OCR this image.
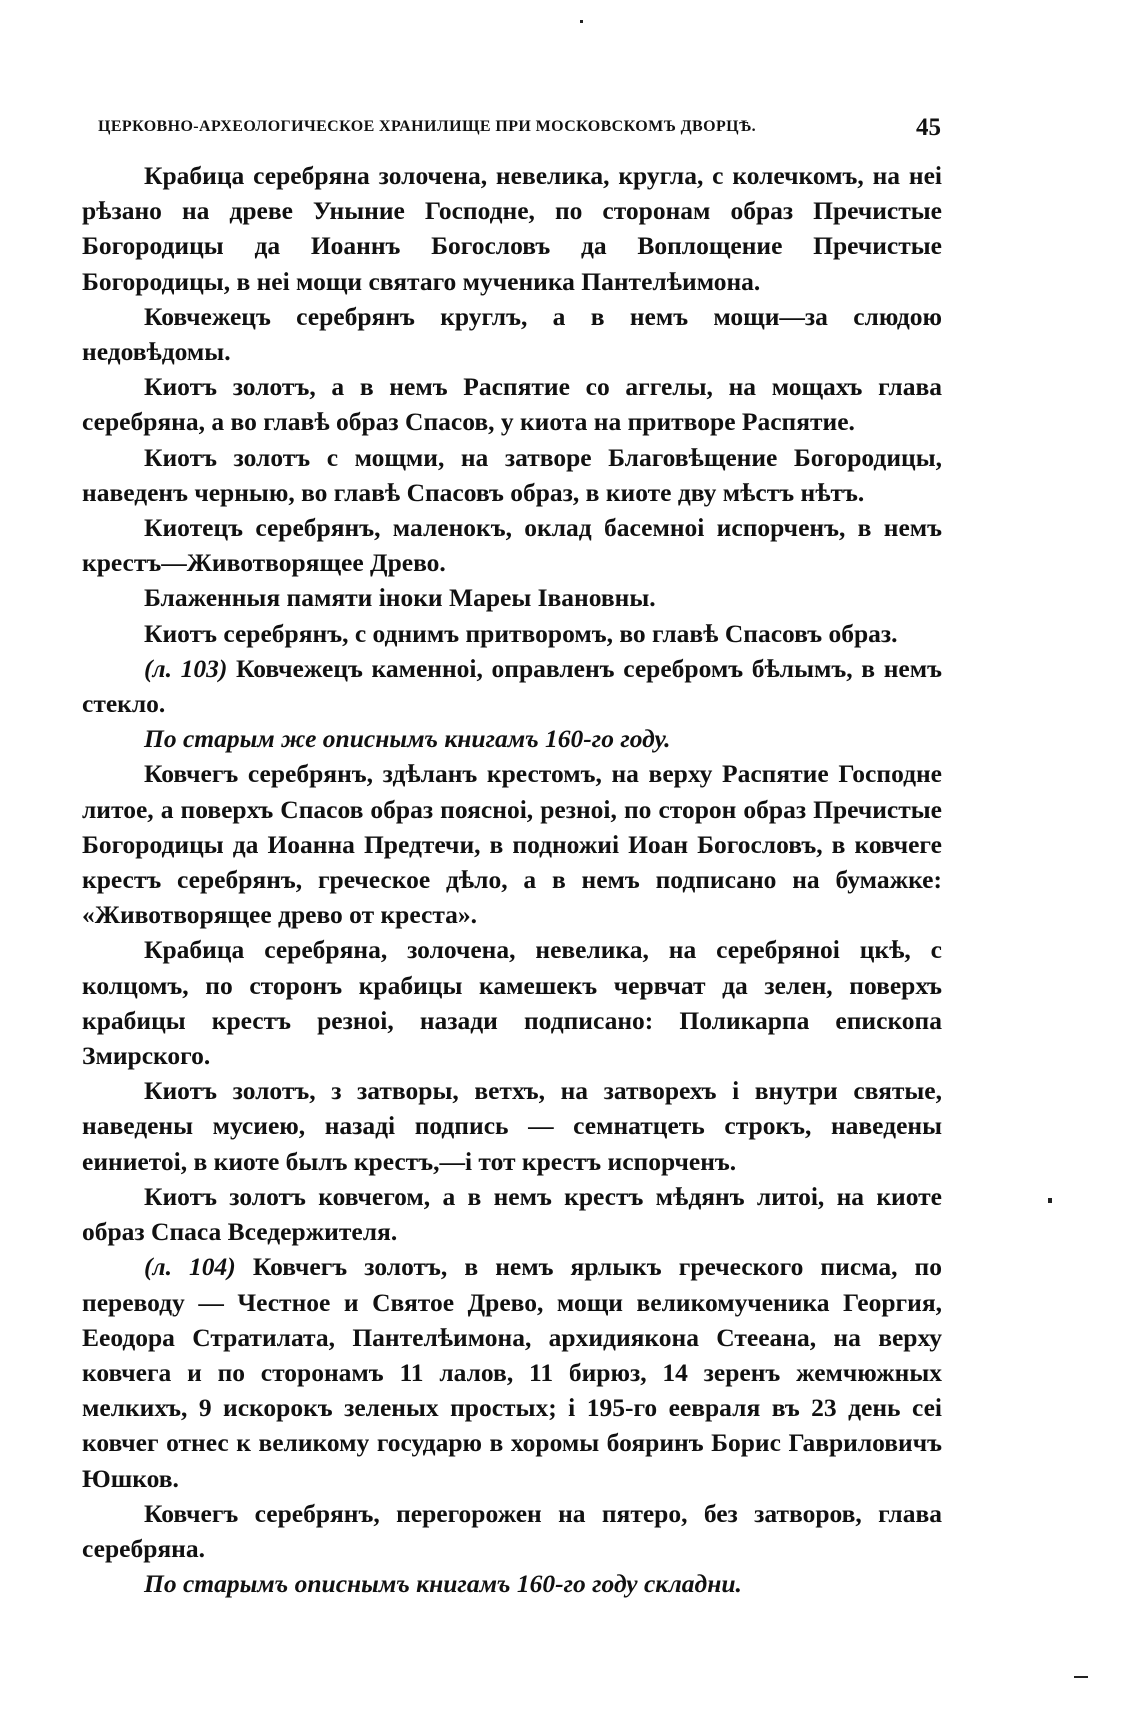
ЦЕРКОВНО-АРХЕОЛОГИЧЕСКОЕ ХРАНИЛИЩЕ ПРИ МОСКОВСКОМЪ ДВОРЦѢ.	45

Крабица серебряна золочена, невелика, кругла, с колечкомъ, на неі рѣзано на древе Уныние Господне, по сторонам образ Пречистые Богородицы да Иоаннъ Богословъ да Воплощение Пречистые Богородицы, в неі мощи святаго мученика Пантелѣимона.

Ковчежецъ серебрянъ круглъ, а в немъ мощи—за слюдою недовѣдомы.

Киотъ золотъ, а в немъ Распятие со аггелы, на мощахъ глава серебряна, а во главѣ образ Спасов, у киота на притворе Распятие.

Киотъ золотъ с мощми, на затворе Благовѣщение Богородицы, наведенъ черныю, во главѣ Спасовъ образ, в киоте дву мѣстъ нѣтъ.

Киотецъ серебрянъ, маленокъ, оклад басемноі испорченъ, в немъ крестъ—Животворящее Древо.

Блаженныя памяти іноки Мареы Івановны.

Киотъ серебрянъ, с однимъ притворомъ, во главѣ Спасовъ образ.

(л. 103) Ковчежецъ каменноі, оправленъ серебромъ бѣлымъ, в немъ стекло.

По старым же описнымъ книгамъ 160-го году.

Ковчегъ серебрянъ, здѣланъ крестомъ, на верху Распятие Господне литое, а поверхъ Спасов образ поясноі, резноі, по сторон образ Пречистые Богородицы да Иоанна Предтечи, в подножиі Иоан Богословъ, в ковчеге крестъ серебрянъ, греческое дѣло, а в немъ подписано на бумажке: «Животворящее древо от креста».

Крабица серебряна, золочена, невелика, на серебряноі цкѣ, с колцомъ, по сторонъ крабицы камешекъ червчат да зелен, поверхъ крабицы крестъ резноі, назади подписано: Поликарпа епископа Змирского.

Киотъ золотъ, з затворы, ветхъ, на затворехъ і внутри святые, наведены мусиею, назаді подпись — семнатцеть строкъ, наведены еиниетоі, в киоте былъ крестъ,—і тот крестъ испорченъ.

Киотъ золотъ ковчегом, а в немъ крестъ мѣдянъ литоі, на киоте образ Спаса Вседержителя.

(л. 104) Ковчегъ золотъ, в немъ ярлыкъ греческого писма, по переводу — Честное и Святое Древо, мощи великомученика Георгия, Ееодора Стратилата, Пантелѣимона, архидиякона Стееана, на верху ковчега и по сторонамъ 11 лалов, 11 бирюз, 14 зеренъ жемчюжных мелкихъ, 9 искорокъ зеленых простых; і 195-го еевраля въ 23 день сеі ковчег отнес к великому государю в хоромы бояринъ Борис Гавриловичъ Юшков.

Ковчегъ серебрянъ, перегорожен на пятеро, без затворов, глава серебряна.

По старымъ описнымъ книгамъ 160-го году складни.
